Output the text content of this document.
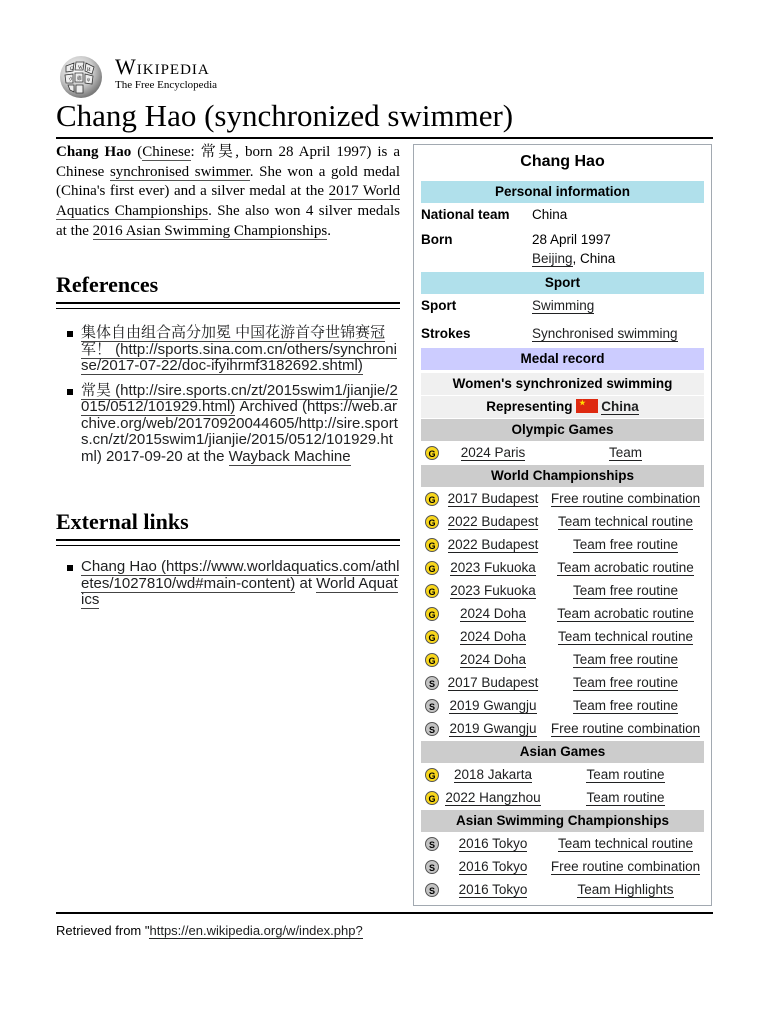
Ω W И
維
ウ	ψ
Wikipedia
The Free Encyclopedia
Chang Hao (synchronized swimmer)

Chang Hao (Chinese: 常昊, born 28 April 1997) is a Chinese synchronised swimmer. She won a gold medal (China's first ever) and a silver medal at the 2017 World Aquatics Championships. She also won 4 silver medals at the 2016 Asian Swimming Championships.

References
集体自由组合高分加冕 中国花游首夺世锦赛冠军！ (http://sports.sina.com.cn/others/synchronise/2017-07-22/doc-ifyihrmf3182692.shtml)
常昊 (http://sire.sports.cn/zt/2015swim1/jianjie/2015/0512/101929.html) Archived (https://web.archive.org/web/20170920044605/http://sire.sports.cn/zt/2015swim1/jianjie/2015/0512/101929.html) 2017-09-20 at the Wayback Machine
External links
Chang Hao (https://www.worldaquatics.com/athletes/1027810/wd#main-content) at World Aquatics
Chang Hao
Personal information
National team China
Born	28 April 1997
Beijing, China
Sport
Sport	Swimming
Strokes	Synchronised swimming
Medal record
Women's synchronized swimming
Representing ★ China
Olympic Games
G	2024 Paris	Team
World Championships
G 2017 Budapest Free routine combination
G 2022 Budapest	Team technical routine
G 2022 Budapest	Team free routine
G	2023 Fukuoka	Team acrobatic routine
G	2023 Fukuoka	Team free routine
G	2024 Doha	Team acrobatic routine
G	2024 Doha	Team technical routine
G	2024 Doha	Team free routine
S 2017 Budapest	Team free routine
S	2019 Gwangju	Team free routine
S	2019 Gwangju	Free routine combination
Asian Games
G	2018 Jakarta	Team routine
G 2022 Hangzhou	Team routine
Asian Swimming Championships
S	2016 Tokyo	Team technical routine
S	2016 Tokyo	Free routine combination
S	2016 Tokyo	Team Highlights
Retrieved from "https://en.wikipedia.org/w/index.php?
